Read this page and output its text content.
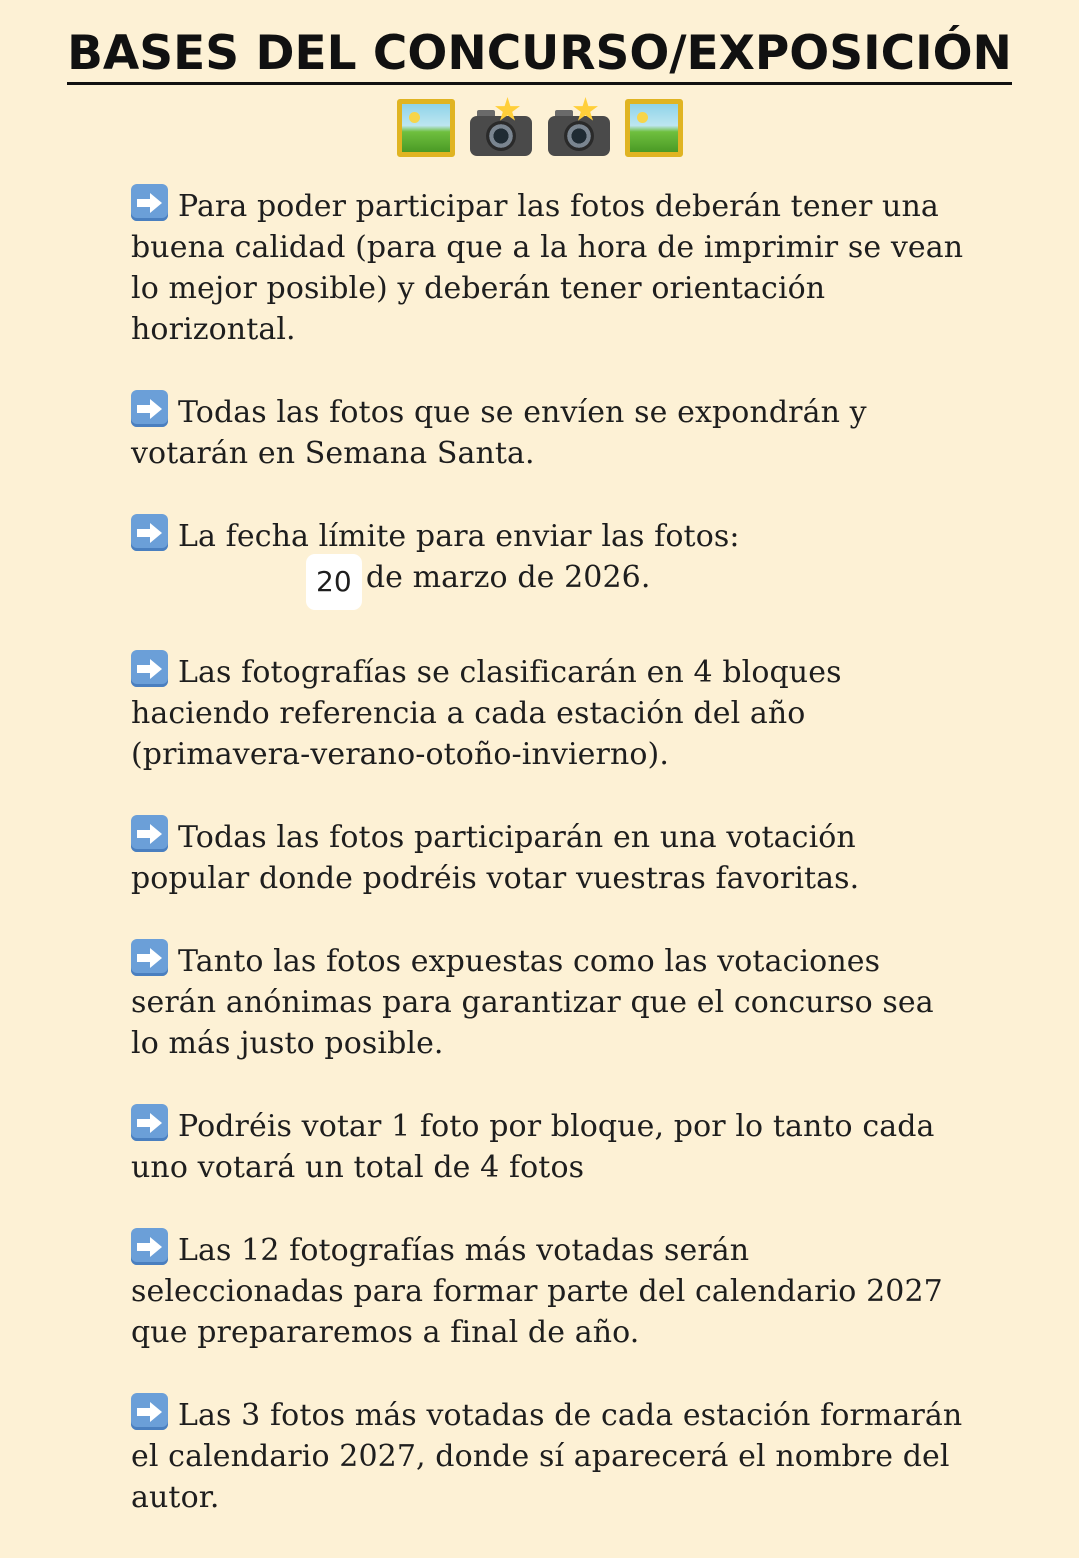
BASES DEL CONCURSO/EXPOSICIÓN
Para poder participar las fotos deberán tener una buena calidad (para que a la hora de imprimir se vean lo mejor posible) y deberán tener orientación horizontal.
Todas las fotos que se envíen se expondrán y votarán en Semana Santa.
La fecha límite para enviar las fotos:
20 de marzo de 2026.
Las fotografías se clasificarán en 4 bloques haciendo referencia a cada estación del año (primavera-verano-otoño-invierno).
Todas las fotos participarán en una votación popular donde podréis votar vuestras favoritas.
Tanto las fotos expuestas como las votaciones serán anónimas para garantizar que el concurso sea lo más justo posible.
Podréis votar 1 foto por bloque, por lo tanto cada uno votará un total de 4 fotos
Las 12 fotografías más votadas serán seleccionadas para formar parte del calendario 2027 que prepararemos a final de año.
Las 3 fotos más votadas de cada estación formarán el calendario 2027, donde sí aparecerá el nombre del autor.
